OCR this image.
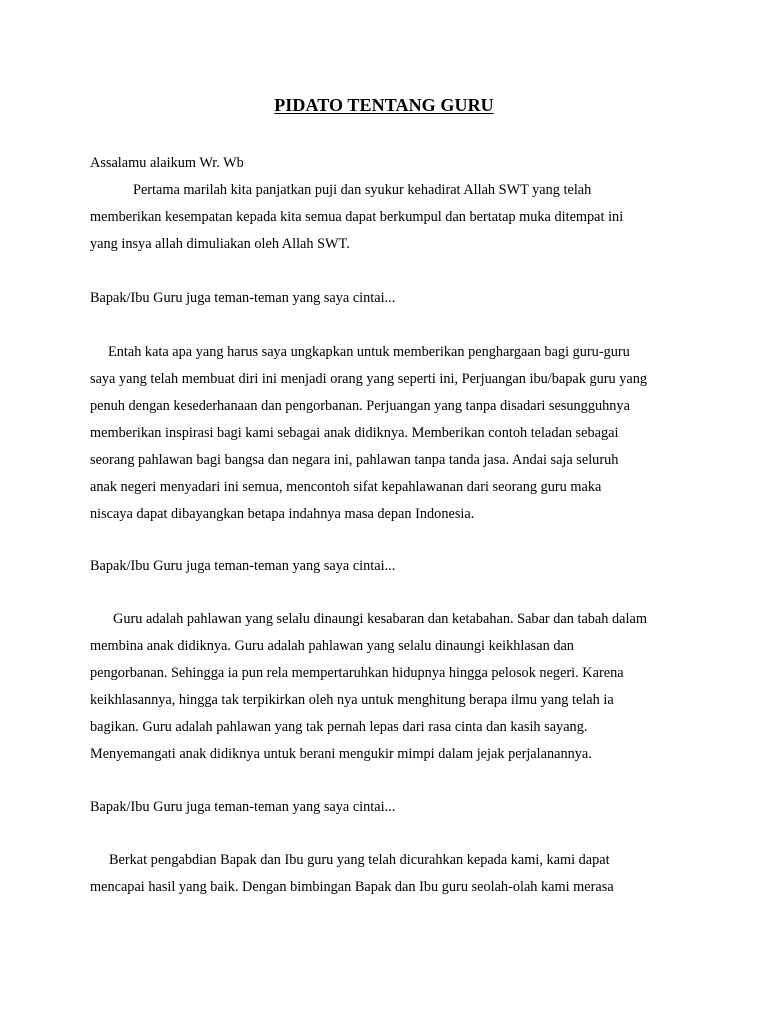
PIDATO TENTANG GURU
Assalamu alaikum Wr. Wb
Pertama marilah kita panjatkan puji dan syukur kehadirat Allah SWT yang telah
memberikan kesempatan kepada kita semua dapat berkumpul dan bertatap muka ditempat ini
yang insya allah dimuliakan oleh Allah SWT.
Bapak/Ibu Guru juga teman-teman yang saya cintai...
Entah kata apa yang harus saya ungkapkan untuk memberikan penghargaan bagi guru-guru
saya yang telah membuat diri ini menjadi orang yang seperti ini, Perjuangan ibu/bapak guru yang
penuh dengan kesederhanaan dan pengorbanan. Perjuangan yang tanpa disadari sesungguhnya
memberikan inspirasi bagi kami sebagai anak didiknya. Memberikan contoh teladan sebagai
seorang pahlawan bagi bangsa dan negara ini, pahlawan tanpa tanda jasa. Andai saja seluruh
anak negeri menyadari ini semua, mencontoh sifat kepahlawanan dari seorang guru maka
niscaya dapat dibayangkan betapa indahnya masa depan Indonesia.
Bapak/Ibu Guru juga teman-teman yang saya cintai...
Guru adalah pahlawan yang selalu dinaungi kesabaran dan ketabahan. Sabar dan tabah dalam
membina anak didiknya. Guru adalah pahlawan yang selalu dinaungi keikhlasan dan
pengorbanan. Sehingga ia pun rela mempertaruhkan hidupnya hingga pelosok negeri. Karena
keikhlasannya, hingga tak terpikirkan oleh nya untuk menghitung berapa ilmu yang telah ia
bagikan. Guru adalah pahlawan yang tak pernah lepas dari rasa cinta dan kasih sayang.
Menyemangati anak didiknya untuk berani mengukir mimpi dalam jejak perjalanannya.
Bapak/Ibu Guru juga teman-teman yang saya cintai...
Berkat pengabdian Bapak dan Ibu guru yang telah dicurahkan kepada kami, kami dapat
mencapai hasil yang baik. Dengan bimbingan Bapak dan Ibu guru seolah-olah kami merasa
